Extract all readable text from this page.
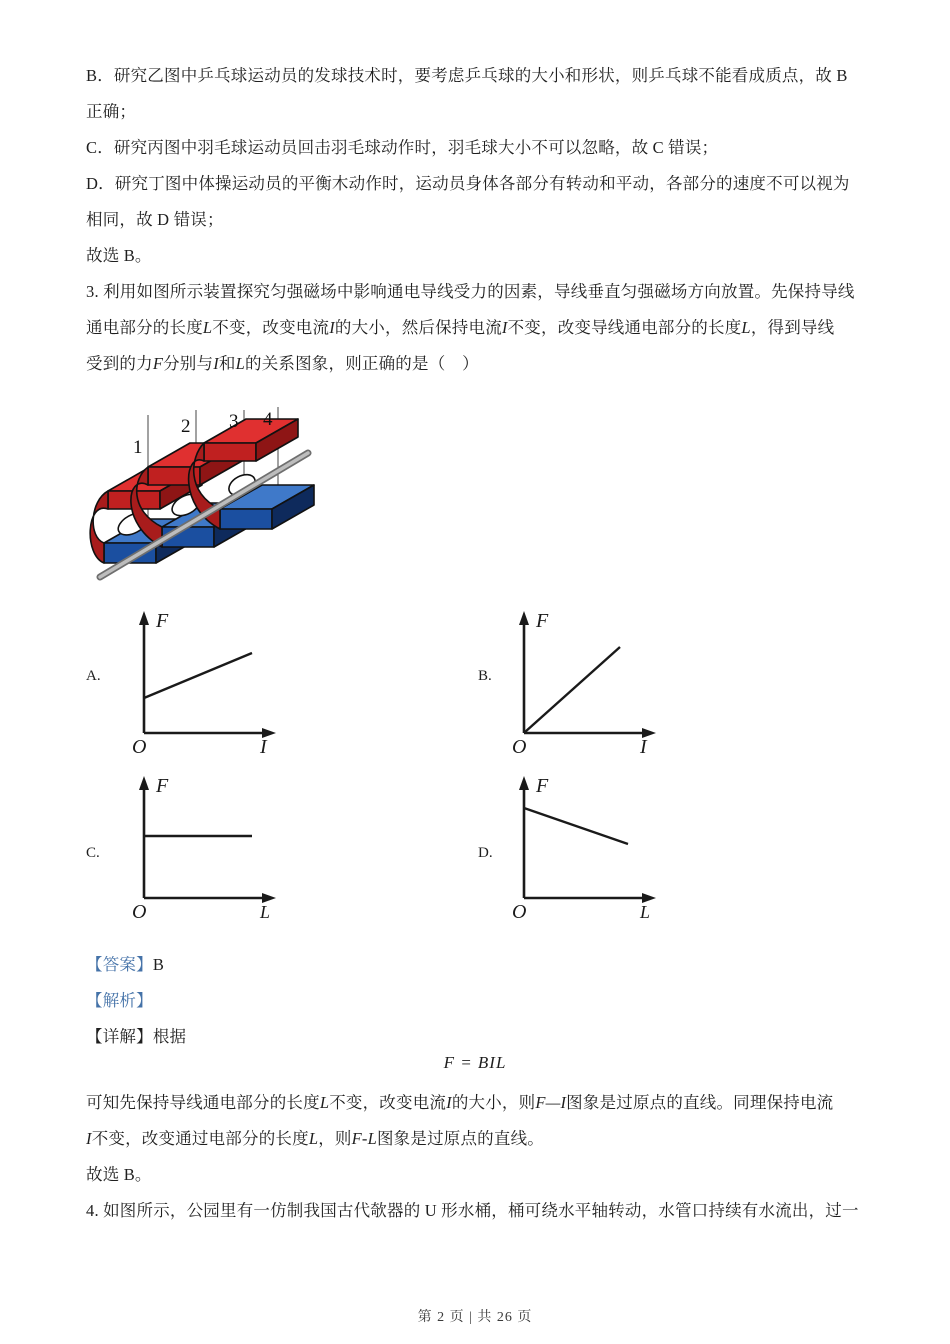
B．研究乙图中乒乓球运动员的发球技术时，要考虑乒乓球的大小和形状，则乒乓球不能看成质点，故 B
正确；
C．研究丙图中羽毛球运动员回击羽毛球动作时，羽毛球大小不可以忽略，故 C 错误；
D．研究丁图中体操运动员的平衡木动作时，运动员身体各部分有转动和平动，各部分的速度不可以视为
相同，故 D 错误；
故选 B。
3. 利用如图所示装置探究匀强磁场中影响通电导线受力的因素，导线垂直匀强磁场方向放置。先保持导线
通电部分的长度L不变，改变电流I的大小，然后保持电流I不变，改变导线通电部分的长度L，得到导线
受到的力F分别与I和L的关系图象，则正确的是（　）
1
2 3 4
A.
F
I
O
B.
F
I
O
C.
F
L
O
D.
F
L
O
【答案】B
【解析】
【详解】根据
F = BIL
可知先保持导线通电部分的长度L不变，改变电流I的大小，则F—I图象是过原点的直线。同理保持电流
I不变，改变通过电部分的长度L，则F-L图象是过原点的直线。
故选 B。
4. 如图所示，公园里有一仿制我国古代欹器的 U 形水桶，桶可绕水平轴转动，水管口持续有水流出，过一
第 2 页 | 共 26 页
